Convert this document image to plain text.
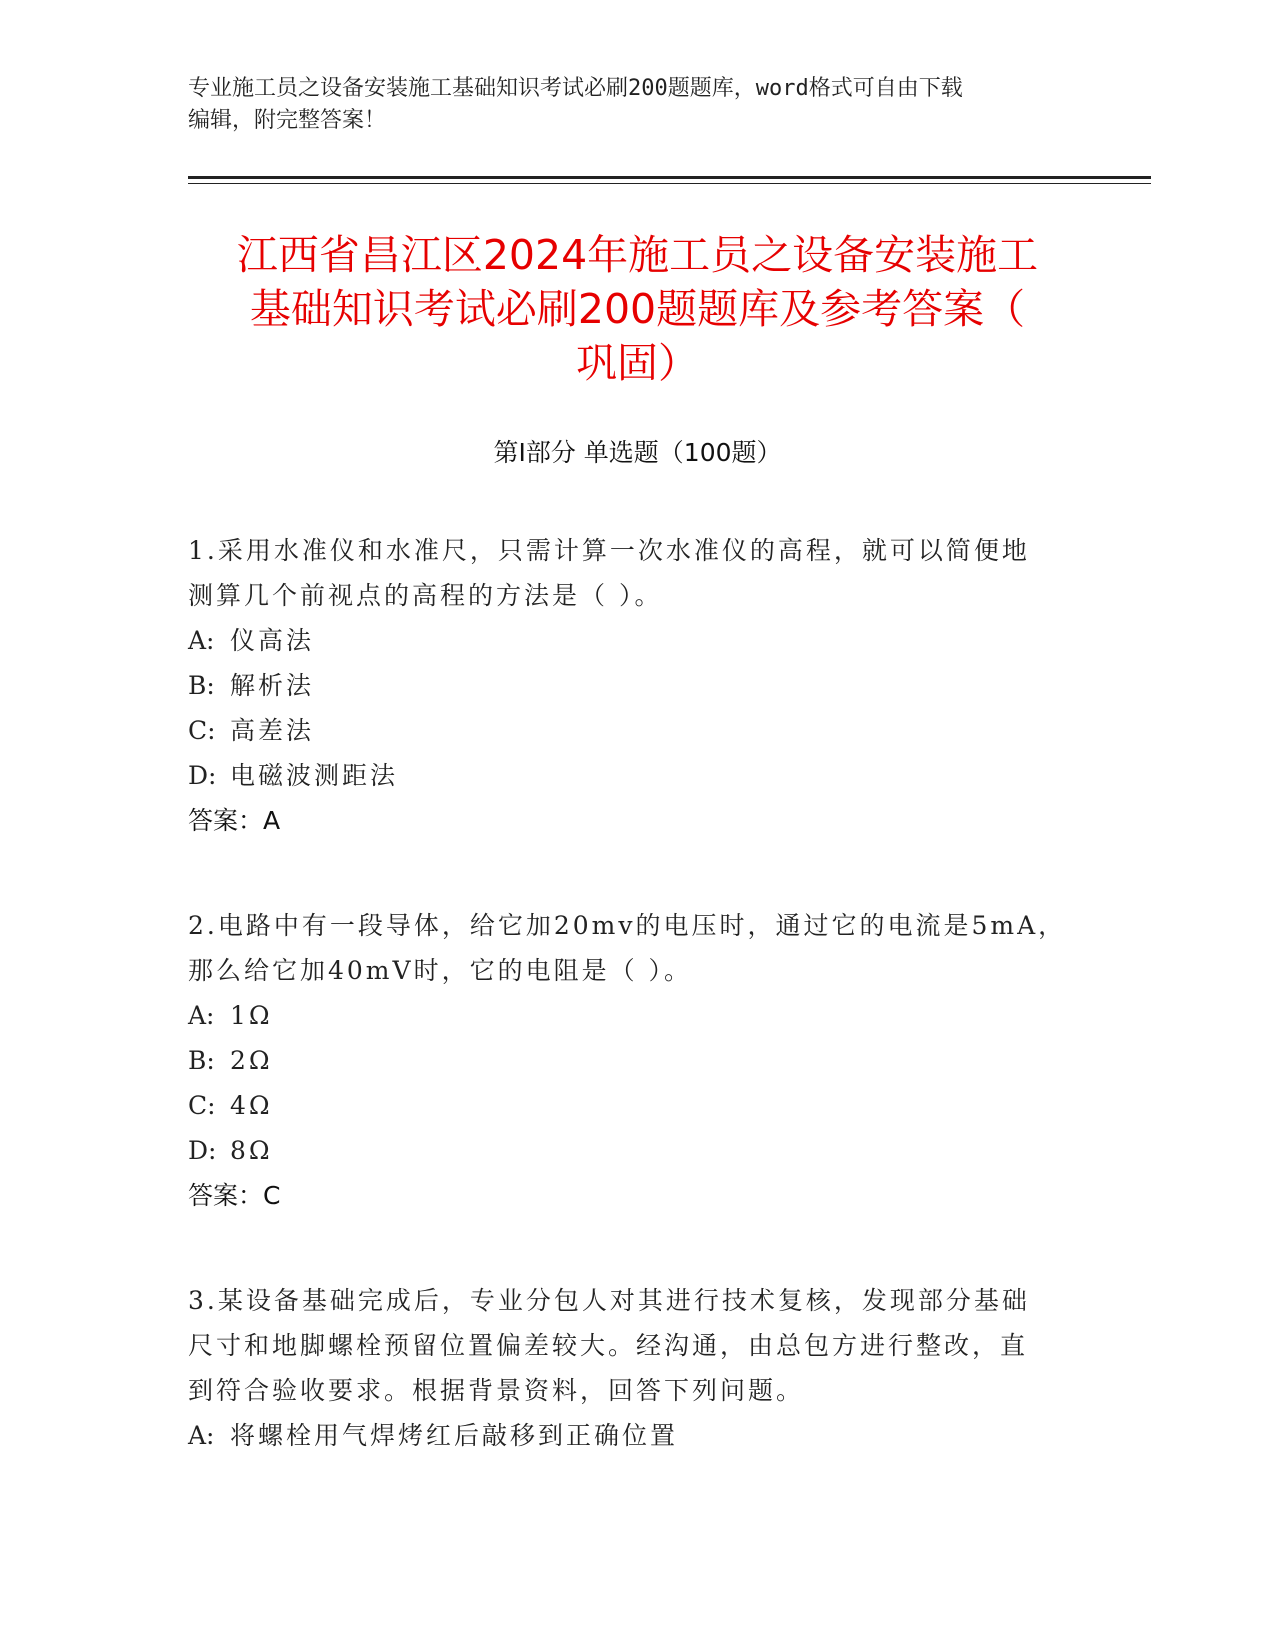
专业施工员之设备安装施工基础知识考试必刷200题题库，word格式可自由下载

编辑，附完整答案！

江西省昌江区2024年施工员之设备安装施工
基础知识考试必刷200题题库及参考答案（
巩固）
第Ⅰ部分 单选题（100题）

1.采用水准仪和水准尺，只需计算一次水准仪的高程，就可以简便地

测算几个前视点的高程的方法是（ ）。

A: 仪高法

B: 解析法

C: 高差法

D: 电磁波测距法

答案：A

2.电路中有一段导体，给它加20mv的电压时，通过它的电流是5mA，

那么给它加40mV时，它的电阻是（ ）。

A: 1Ω

B: 2Ω

C: 4Ω

D: 8Ω

答案：C

3.某设备基础完成后，专业分包人对其进行技术复核，发现部分基础

尺寸和地脚螺栓预留位置偏差较大。经沟通，由总包方进行整改，直

到符合验收要求。根据背景资料，回答下列问题。

A: 将螺栓用气焊烤红后敲移到正确位置
